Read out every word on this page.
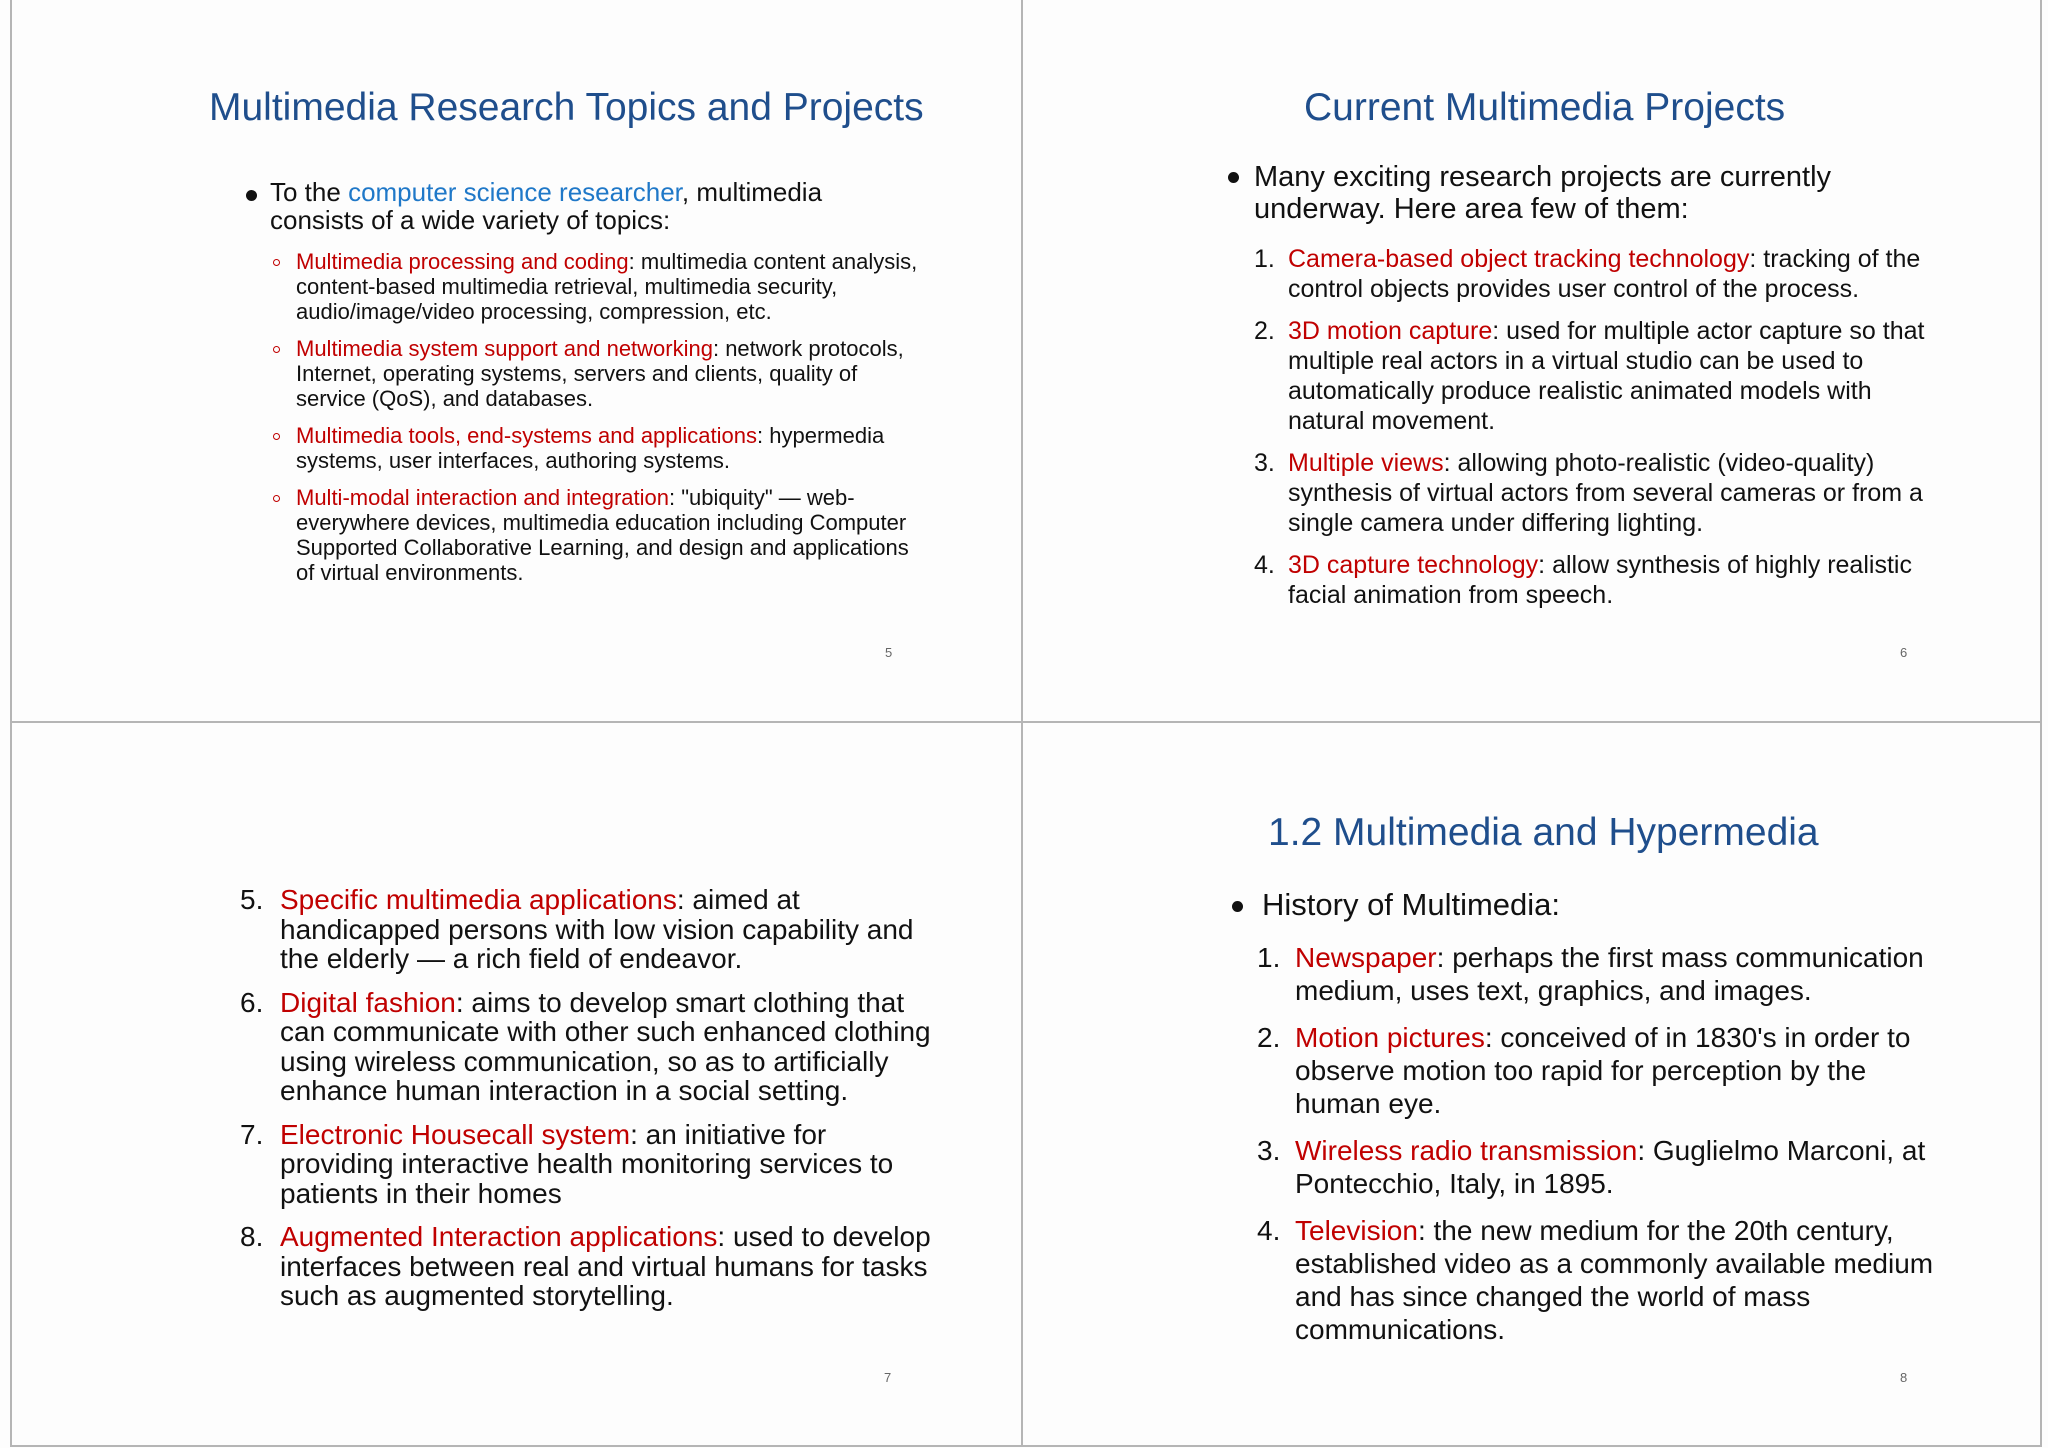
Multimedia Research Topics and Projects
To the computer science researcher, multimedia consists of a wide variety of topics:
Multimedia processing and coding: multimedia content analysis, content-based multimedia retrieval, multimedia security, audio/image/video processing, compression, etc.
Multimedia system support and networking: network protocols, Internet, operating systems, servers and clients, quality of service (QoS), and databases.
Multimedia tools, end-systems and applications: hypermedia systems, user interfaces, authoring systems.
Multi-modal interaction and integration: "ubiquity" — web-everywhere devices, multimedia education including Computer Supported Collaborative Learning, and design and applications of virtual environments.
5
Current Multimedia Projects
Many exciting research projects are currently underway. Here area few of them:
1. Camera-based object tracking technology: tracking of the control objects provides user control of the process.
2. 3D motion capture: used for multiple actor capture so that multiple real actors in a virtual studio can be used to automatically produce realistic animated models with natural movement.
3. Multiple views: allowing photo-realistic (video-quality) synthesis of virtual actors from several cameras or from a single camera under differing lighting.
4. 3D capture technology: allow synthesis of highly realistic facial animation from speech.
6
5. Specific multimedia applications: aimed at handicapped persons with low vision capability and the elderly — a rich field of endeavor.
6. Digital fashion: aims to develop smart clothing that can communicate with other such enhanced clothing using wireless communication, so as to artificially enhance human interaction in a social setting.
7. Electronic Housecall system: an initiative for providing interactive health monitoring services to patients in their homes
8. Augmented Interaction applications: used to develop interfaces between real and virtual humans for tasks such as augmented storytelling.
7
1.2 Multimedia and Hypermedia
History of Multimedia:
1. Newspaper: perhaps the first mass communication medium, uses text, graphics, and images.
2. Motion pictures: conceived of in 1830's in order to observe motion too rapid for perception by the human eye.
3. Wireless radio transmission: Guglielmo Marconi, at Pontecchio, Italy, in 1895.
4. Television: the new medium for the 20th century, established video as a commonly available medium and has since changed the world of mass communications.
8
